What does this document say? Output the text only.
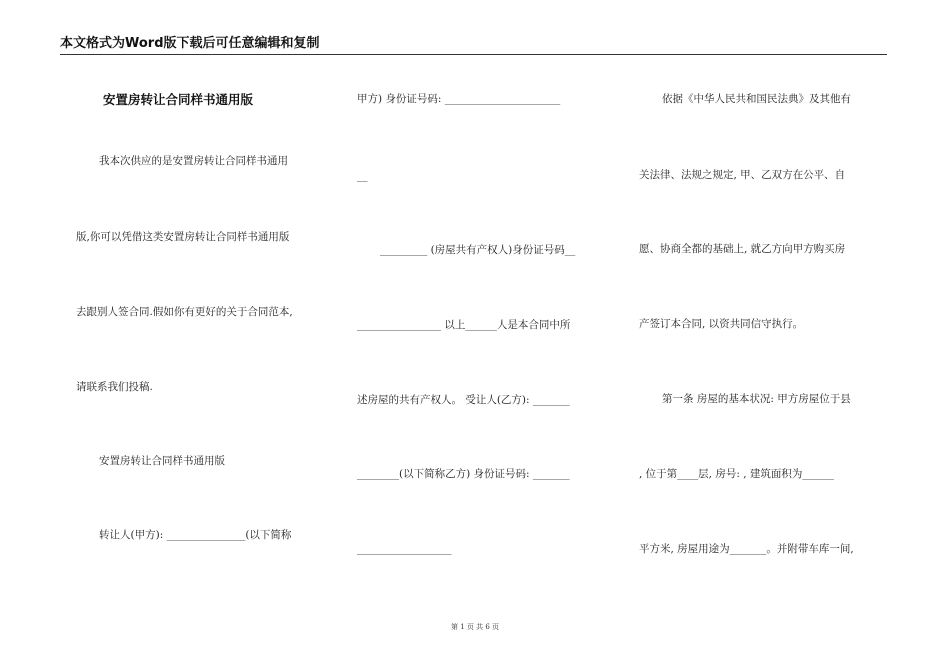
本文格式为Word版下载后可任意编辑和复制
安置房转让合同样书通用版
我本次供应的是安置房转让合同样书通用
版,你可以凭借这类安置房转让合同样书通用版
去跟别人签合同.假如你有更好的关于合同范本,
请联系我们投稿.
安置房转让合同样书通用版
转让人(甲方): _______________(以下简称
甲方) 身份证号码: ______________________
__
_________ (房屋共有产权人)身份证号码__
________________ 以上______人是本合同中所
述房屋的共有产权人。 受让人(乙方): _______
________(以下简称乙方) 身份证号码: _______
__________________
依据《中华人民共和国民法典》及其他有
关法律、法规之规定, 甲、乙双方在公平、自
愿、协商全都的基础上, 就乙方向甲方购买房
产签订本合同, 以资共同信守执行。
第一条 房屋的基本状况: 甲方房屋位于县
, 位于第____层, 房号: , 建筑面积为______
平方米, 房屋用途为_______。并附带车库一间,
第 1 页 共 6 页
